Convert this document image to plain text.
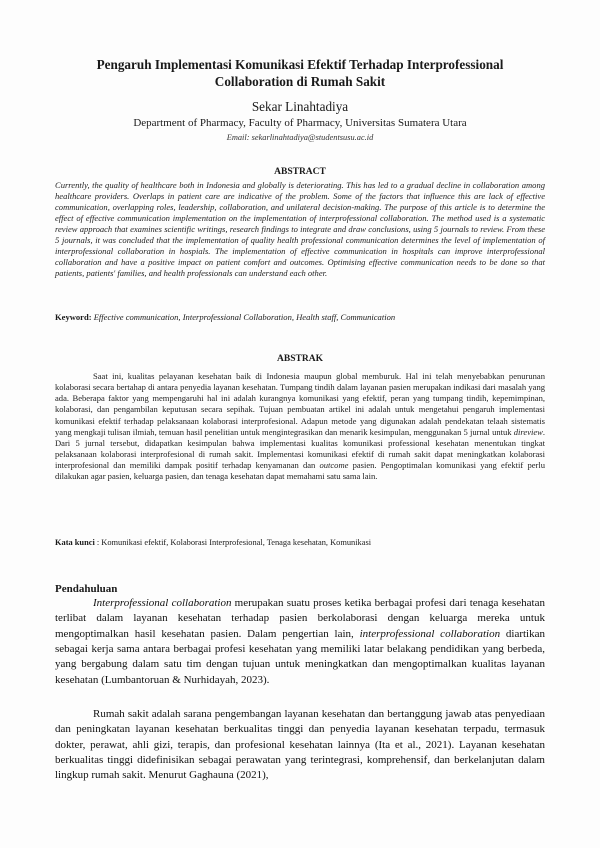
Pengaruh Implementasi Komunikasi Efektif Terhadap Interprofessional Collaboration di Rumah Sakit
Sekar Linahtadiya
Department of Pharmacy, Faculty of Pharmacy, Universitas Sumatera Utara
Email: sekarlinahtadiya@studentsusu.ac.id
ABSTRACT
Currently, the quality of healthcare both in Indonesia and globally is deteriorating. This has led to a gradual decline in collaboration among healthcare providers. Overlaps in patient care are indicative of the problem. Some of the factors that influence this are lack of effective communication, overlapping roles, leadership, collaboration, and unilateral decision-making. The purpose of this article is to determine the effect of effective communication implementation on the implementation of interprofessional collaboration. The method used is a systematic review approach that examines scientific writings, research findings to integrate and draw conclusions, using 5 journals to review. From these 5 journals, it was concluded that the implementation of quality health professional communication determines the level of implementation of interprofessional collaboration in hospials. The implementation of effective communication in hospitals can improve interprofessional collaboration and have a positive impact on patient comfort and outcomes. Optimising effective communication needs to be done so that patients, patients' families, and health professionals can understand each other.
Keyword: Effective communication, Interprofessional Collaboration, Health staff, Communication
ABSTRAK

Saat ini, kualitas pelayanan kesehatan baik di Indonesia maupun global memburuk. Hal ini telah menyebabkan penurunan kolaborasi secara bertahap di antara penyedia layanan kesehatan. Tumpang tindih dalam layanan pasien merupakan indikasi dari masalah yang ada. Beberapa faktor yang mempengaruhi hal ini adalah kurangnya komunikasi yang efektif, peran yang tumpang tindih, kepemimpinan, kolaborasi, dan pengambilan keputusan secara sepihak. Tujuan pembuatan artikel ini adalah untuk mengetahui pengaruh implementasi komunikasi efektif terhadap pelaksanaan kolaborasi interprofesional. Adapun metode yang digunakan adalah pendekatan telaah sistematis yang mengkaji tulisan ilmiah, temuan hasil penelitian untuk mengintegrasikan dan menarik kesimpulan, menggunakan 5 jurnal untuk direview. Dari 5 jurnal tersebut, didapatkan kesimpulan bahwa implementasi kualitas komunikasi professional kesehatan menentukan tingkat pelaksanaan kolaborasi interprofesional di rumah sakit. Implementasi komunikasi efektif di rumah sakit dapat meningkatkan kolaborasi interprofesional dan memiliki dampak positif terhadap kenyamanan dan outcome pasien. Pengoptimalan komunikasi yang efektif perlu dilakukan agar pasien, keluarga pasien, dan tenaga kesehatan dapat memahami satu sama lain.

Kata kunci : Komunikasi efektif, Kolaborasi Interprofesional, Tenaga kesehatan, Komunikasi
Pendahuluan

Interprofessional collaboration merupakan suatu proses ketika berbagai profesi dari tenaga kesehatan terlibat dalam layanan kesehatan terhadap pasien berkolaborasi dengan keluarga mereka untuk mengoptimalkan hasil kesehatan pasien. Dalam pengertian lain, interprofessional collaboration diartikan sebagai kerja sama antara berbagai profesi kesehatan yang memiliki latar belakang pendidikan yang berbeda, yang bergabung dalam satu tim dengan tujuan untuk meningkatkan dan mengoptimalkan kualitas layanan kesehatan (Lumbantoruan & Nurhidayah, 2023).

Rumah sakit adalah sarana pengembangan layanan kesehatan dan bertanggung jawab atas penyediaan dan peningkatan layanan kesehatan berkualitas tinggi dan penyedia layanan kesehatan terpadu, termasuk dokter, perawat, ahli gizi, terapis, dan profesional kesehatan lainnya (Ita et al., 2021). Layanan kesehatan berkualitas tinggi didefinisikan sebagai perawatan yang terintegrasi, komprehensif, dan berkelanjutan dalam lingkup rumah sakit. Menurut Gaghauna (2021),
